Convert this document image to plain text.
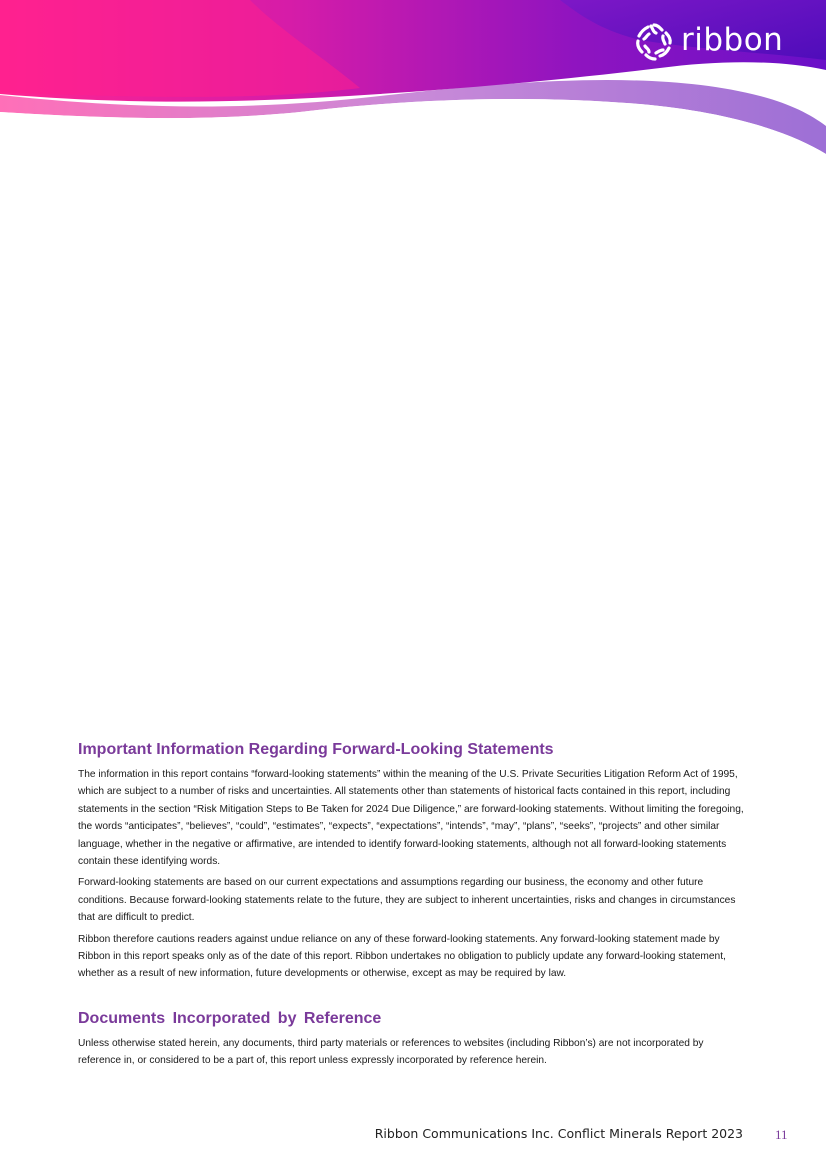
ribbon
Important Information Regarding Forward-Looking Statements

The information in this report contains “forward-looking statements” within the meaning of the U.S. Private Securities Litigation Reform Act of 1995, which are subject to a number of risks and uncertainties. All statements other than statements of historical facts contained in this report, including statements in the section “Risk Mitigation Steps to Be Taken for 2024 Due Diligence,” are forward-looking statements. Without limiting the foregoing, the words “anticipates”, “believes”, “could”, “estimates”, “expects”, “expectations”, “intends”, “may”, “plans”, “seeks”, “projects” and other similar language, whether in the negative or affirmative, are intended to identify forward-looking statements, although not all forward-looking statements contain these identifying words.

Forward-looking statements are based on our current expectations and assumptions regarding our business, the economy and other future conditions. Because forward-looking statements relate to the future, they are subject to inherent uncertainties, risks and changes in circumstances that are difficult to predict.

Ribbon therefore cautions readers against undue reliance on any of these forward-looking statements. Any forward-looking statement made by Ribbon in this report speaks only as of the date of this report. Ribbon undertakes no obligation to publicly update any forward-looking statement, whether as a result of new information, future developments or otherwise, except as may be required by law.

Documents Incorporated by Reference

Unless otherwise stated herein, any documents, third party materials or references to websites (including Ribbon’s) are not incorporated by reference in, or considered to be a part of, this report unless expressly incorporated by reference herein.

Ribbon Communications Inc. Conflict Minerals Report 2023 11
